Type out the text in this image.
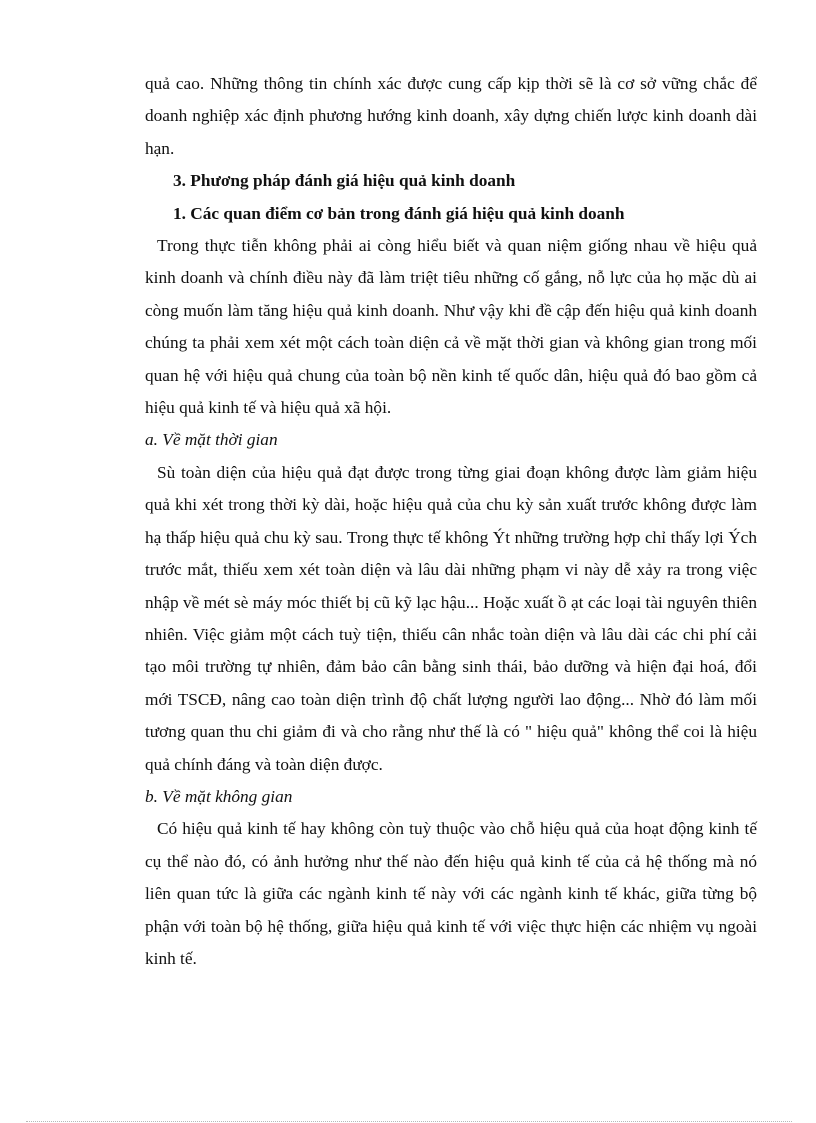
quả cao. Những thông tin chính xác được cung cấp kịp thời sẽ là cơ sở vững chắc để doanh nghiệp xác định phương hướng kinh doanh, xây dựng chiến lược kinh doanh dài hạn.

3. Phương pháp đánh giá hiệu quả kinh doanh

1. Các quan điểm cơ bản trong đánh giá hiệu quả kinh doanh

Trong thực tiễn không phải ai còng hiểu biết và quan niệm giống nhau về hiệu quả kinh doanh và chính điều này đã làm triệt tiêu những cố gắng, nỗ lực của họ mặc dù ai còng muốn làm tăng hiệu quả kinh doanh. Như vậy khi đề cập đến hiệu quả kinh doanh chúng ta phải xem xét một cách toàn diện cả về mặt thời gian và không gian trong mối quan hệ với hiệu quả chung của toàn bộ nền kinh tế quốc dân, hiệu quả đó bao gồm cả hiệu quả kinh tế và hiệu quả xã hội.

a. Về mặt thời gian

Sù toàn diện của hiệu quả đạt được trong từng giai đoạn không được làm giảm hiệu quả khi xét trong thời kỳ dài, hoặc hiệu quả của chu kỳ sản xuất trước không được làm hạ thấp hiệu quả chu kỳ sau. Trong thực tế không Ýt những trường hợp chỉ thấy lợi Ých trước mắt, thiếu xem xét toàn diện và lâu dài những phạm vi này dễ xảy ra trong việc nhập về mét sè máy móc thiết bị cũ kỹ lạc hậu... Hoặc xuất ồ ạt các loại tài nguyên thiên nhiên. Việc giảm một cách tuỳ tiện, thiếu cân nhắc toàn diện và lâu dài các chi phí cải tạo môi trường tự nhiên, đảm bảo cân bằng sinh thái, bảo dưỡng và hiện đại hoá, đổi mới TSCĐ, nâng cao toàn diện trình độ chất lượng người lao động... Nhờ đó làm mối tương quan thu chi giảm đi và cho rằng như thế là có " hiệu quả" không thể coi là hiệu quả chính đáng và toàn diện được.

b. Về mặt không gian

Có hiệu quả kinh tế hay không còn tuỳ thuộc vào chỗ hiệu quả của hoạt động kinh tế cụ thể nào đó, có ảnh hưởng như thế nào đến hiệu quả kinh tế của cả hệ thống mà nó liên quan tức là giữa các ngành kinh tế này với các ngành kinh tế khác, giữa từng bộ phận với toàn bộ hệ thống, giữa hiệu quả kinh tế với việc thực hiện các nhiệm vụ ngoài kinh tế.
